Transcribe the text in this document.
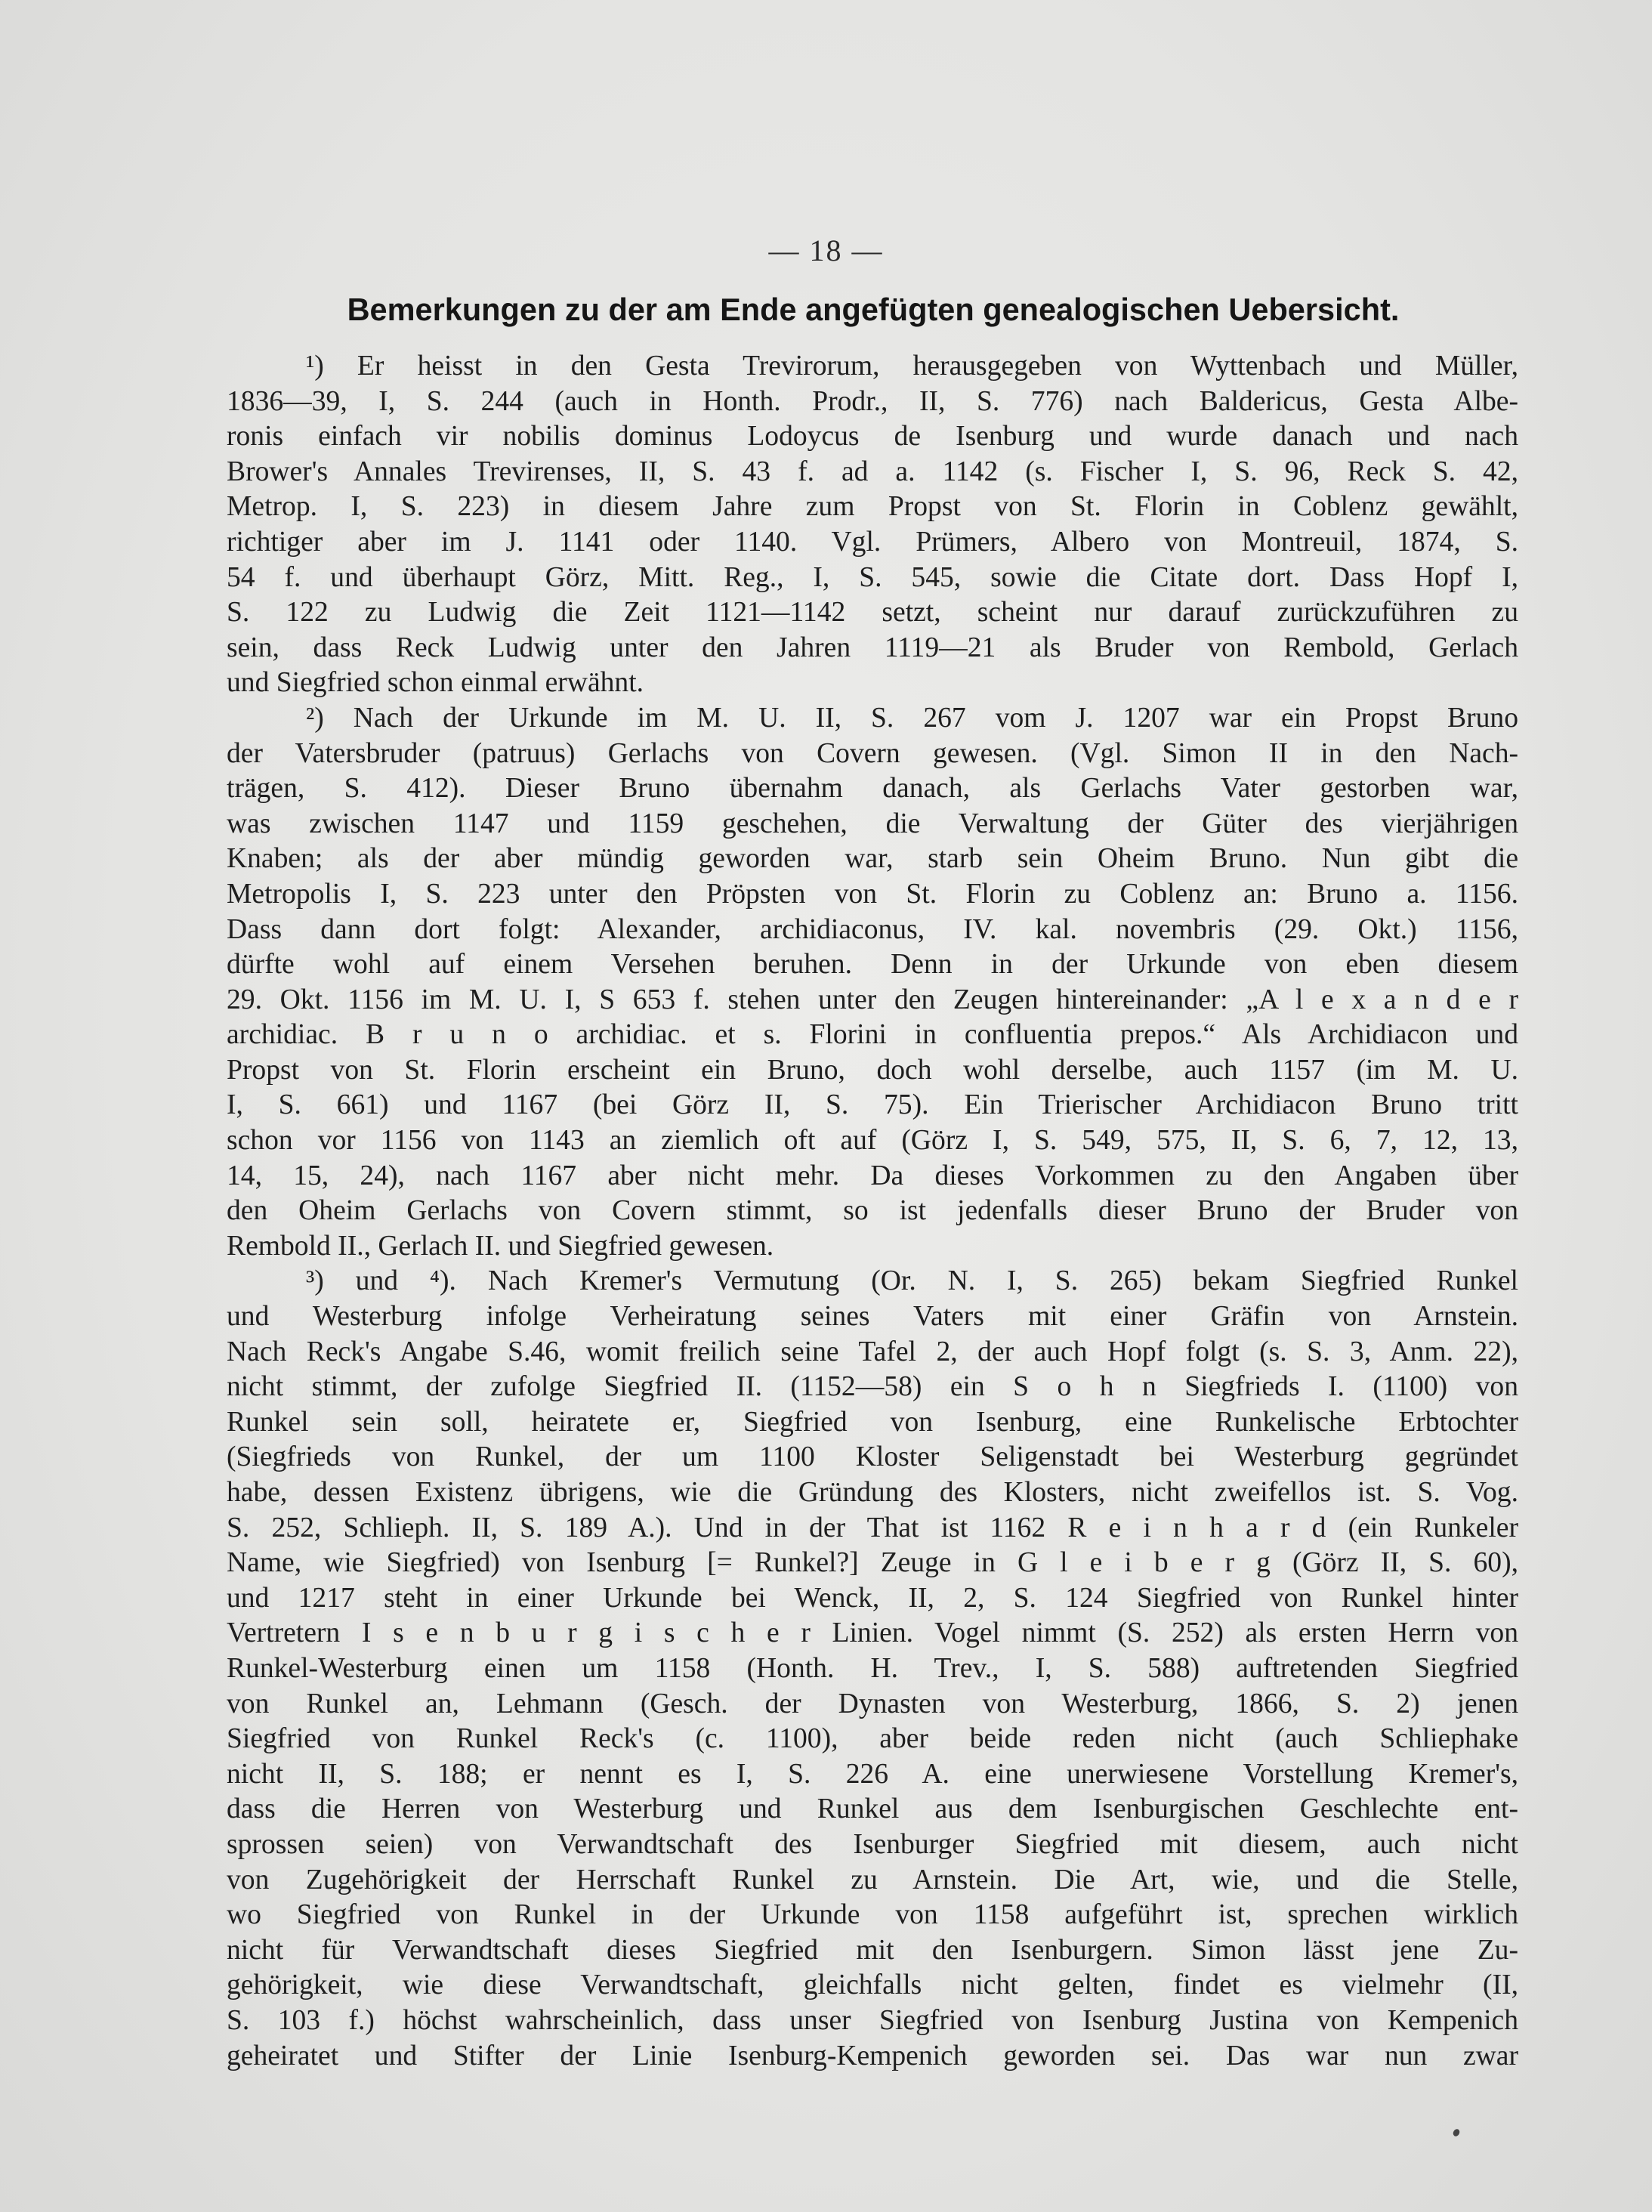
— 18 —
Bemerkungen zu der am Ende angefügten genealogischen Uebersicht.
¹) Er heisst in den Gesta Trevirorum, herausgegeben von Wyttenbach und Müller,
1836—39, I, S. 244 (auch in Honth. Prodr., II, S. 776) nach Baldericus, Gesta Albe-
ronis einfach vir nobilis dominus Lodoycus de Isenburg und wurde danach und nach
Brower's Annales Trevirenses, II, S. 43 f. ad a. 1142 (s. Fischer I, S. 96, Reck S. 42,
Metrop. I, S. 223) in diesem Jahre zum Propst von St. Florin in Coblenz gewählt,
richtiger aber im J. 1141 oder 1140. Vgl. Prümers, Albero von Montreuil, 1874, S.
54 f. und überhaupt Görz, Mitt. Reg., I, S. 545, sowie die Citate dort. Dass Hopf I,
S. 122 zu Ludwig die Zeit 1121—1142 setzt, scheint nur darauf zurückzuführen zu
sein, dass Reck Ludwig unter den Jahren 1119—21 als Bruder von Rembold, Gerlach
und Siegfried schon einmal erwähnt.
²) Nach der Urkunde im M. U. II, S. 267 vom J. 1207 war ein Propst Bruno
der Vatersbruder (patruus) Gerlachs von Covern gewesen. (Vgl. Simon II in den Nach-
trägen, S. 412). Dieser Bruno übernahm danach, als Gerlachs Vater gestorben war,
was zwischen 1147 und 1159 geschehen, die Verwaltung der Güter des vierjährigen
Knaben; als der aber mündig geworden war, starb sein Oheim Bruno. Nun gibt die
Metropolis I, S. 223 unter den Pröpsten von St. Florin zu Coblenz an: Bruno a. 1156.
Dass dann dort folgt: Alexander, archidiaconus, IV. kal. novembris (29. Okt.) 1156,
dürfte wohl auf einem Versehen beruhen. Denn in der Urkunde von eben diesem
29. Okt. 1156 im M. U. I, S 653 f. stehen unter den Zeugen hintereinander: „A l e x a n d e r
archidiac. B r u n o archidiac. et s. Florini in confluentia prepos.“ Als Archidiacon und
Propst von St. Florin erscheint ein Bruno, doch wohl derselbe, auch 1157 (im M. U.
I, S. 661) und 1167 (bei Görz II, S. 75). Ein Trierischer Archidiacon Bruno tritt
schon vor 1156 von 1143 an ziemlich oft auf (Görz I, S. 549, 575, II, S. 6, 7, 12, 13,
14, 15, 24), nach 1167 aber nicht mehr. Da dieses Vorkommen zu den Angaben über
den Oheim Gerlachs von Covern stimmt, so ist jedenfalls dieser Bruno der Bruder von
Rembold II., Gerlach II. und Siegfried gewesen.
³) und ⁴). Nach Kremer's Vermutung (Or. N. I, S. 265) bekam Siegfried Runkel
und Westerburg infolge Verheiratung seines Vaters mit einer Gräfin von Arnstein.
Nach Reck's Angabe S.46, womit freilich seine Tafel 2, der auch Hopf folgt (s. S. 3, Anm. 22),
nicht stimmt, der zufolge Siegfried II. (1152—58) ein S o h n Siegfrieds I. (1100) von
Runkel sein soll, heiratete er, Siegfried von Isenburg, eine Runkelische Erbtochter
(Siegfrieds von Runkel, der um 1100 Kloster Seligenstadt bei Westerburg gegründet
habe, dessen Existenz übrigens, wie die Gründung des Klosters, nicht zweifellos ist. S. Vog.
S. 252, Schlieph. II, S. 189 A.). Und in der That ist 1162 R e i n h a r d (ein Runkeler
Name, wie Siegfried) von Isenburg [= Runkel?] Zeuge in G l e i b e r g (Görz II, S. 60),
und 1217 steht in einer Urkunde bei Wenck, II, 2, S. 124 Siegfried von Runkel hinter
Vertretern I s e n b u r g i s c h e r Linien. Vogel nimmt (S. 252) als ersten Herrn von
Runkel-Westerburg einen um 1158 (Honth. H. Trev., I, S. 588) auftretenden Siegfried
von Runkel an, Lehmann (Gesch. der Dynasten von Westerburg, 1866, S. 2) jenen
Siegfried von Runkel Reck's (c. 1100), aber beide reden nicht (auch Schliephake
nicht II, S. 188; er nennt es I, S. 226 A. eine unerwiesene Vorstellung Kremer's,
dass die Herren von Westerburg und Runkel aus dem Isenburgischen Geschlechte ent-
sprossen seien) von Verwandtschaft des Isenburger Siegfried mit diesem, auch nicht
von Zugehörigkeit der Herrschaft Runkel zu Arnstein. Die Art, wie, und die Stelle,
wo Siegfried von Runkel in der Urkunde von 1158 aufgeführt ist, sprechen wirklich
nicht für Verwandtschaft dieses Siegfried mit den Isenburgern. Simon lässt jene Zu-
gehörigkeit, wie diese Verwandtschaft, gleichfalls nicht gelten, findet es vielmehr (II,
S. 103 f.) höchst wahrscheinlich, dass unser Siegfried von Isenburg Justina von Kempenich
geheiratet und Stifter der Linie Isenburg-Kempenich geworden sei. Das war nun zwar
